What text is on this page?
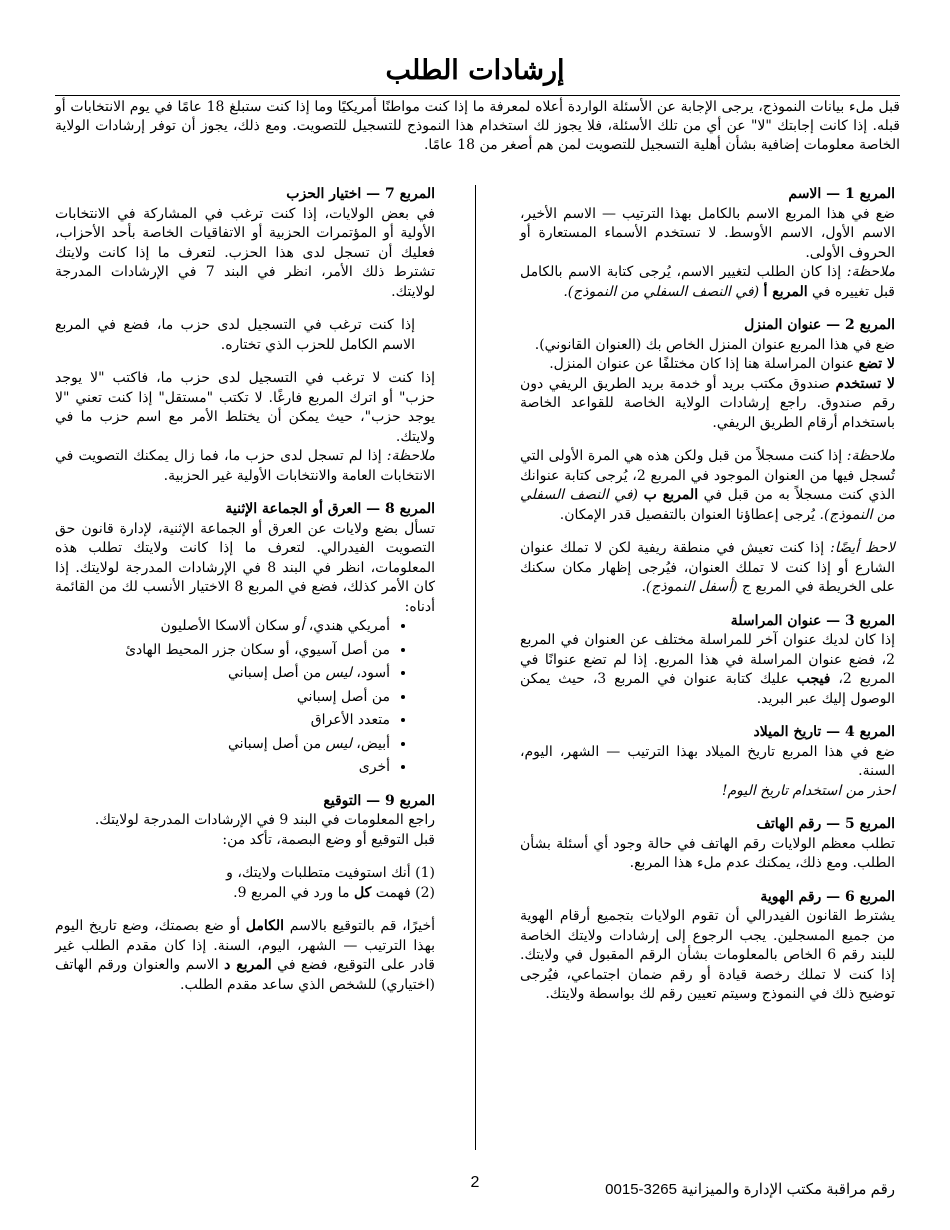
إرشادات الطلب
قبل ملء بيانات النموذج، يرجى الإجابة عن الأسئلة الواردة أعلاه لمعرفة ما إذا كنت مواطنًا أمريكيًا وما إذا كنت ستبلغ 18 عامًا في يوم الانتخابات أو قبله. إذا كانت إجابتك "لا" عن أي من تلك الأسئلة، فلا يجوز لك استخدام هذا النموذج للتسجيل للتصويت. ومع ذلك، يجوز أن توفر إرشادات الولاية الخاصة معلومات إضافية بشأن أهلية التسجيل للتصويت لمن هم أصغر من 18 عامًا.
المربع 1 — الاسم

ضع في هذا المربع الاسم بالكامل بهذا الترتيب — الاسم الأخير، الاسم الأول، الاسم الأوسط. لا تستخدم الأسماء المستعارة أو الحروف الأولى.

ملاحظة: إذا كان الطلب لتغيير الاسم، يُرجى كتابة الاسم بالكامل قبل تغييره في المربع أ (في النصف السفلي من النموذج).

المربع 2 — عنوان المنزل

ضع في هذا المربع عنوان المنزل الخاص بك (العنوان القانوني).

لا تضع عنوان المراسلة هنا إذا كان مختلفًا عن عنوان المنزل.

لا تستخدم صندوق مكتب بريد أو خدمة بريد الطريق الريفي دون رقم صندوق. راجع إرشادات الولاية الخاصة للقواعد الخاصة باستخدام أرقام الطريق الريفي.

ملاحظة: إذا كنت مسجلاً من قبل ولكن هذه هي المرة الأولى التي تُسجل فيها من العنوان الموجود في المربع 2، يُرجى كتابة عنوانك الذي كنت مسجلاً به من قبل في المربع ب (في النصف السفلي من النموذج). يُرجى إعطاؤنا العنوان بالتفصيل قدر الإمكان.

لاحظ أيضًا: إذا كنت تعيش في منطقة ريفية لكن لا تملك عنوان الشارع أو إذا كنت لا تملك العنوان، فيُرجى إظهار مكان سكنك على الخريطة في المربع ج (أسفل النموذج).

المربع 3 — عنوان المراسلة

إذا كان لديك عنوان آخر للمراسلة مختلف عن العنوان في المربع 2، فضع عنوان المراسلة في هذا المربع. إذا لم تضع عنوانًا في المربع 2، فيجب عليك كتابة عنوان في المربع 3، حيث يمكن الوصول إليك عبر البريد.

المربع 4 — تاريخ الميلاد

ضع في هذا المربع تاريخ الميلاد بهذا الترتيب — الشهر، اليوم، السنة.

احذر من استخدام تاريخ اليوم!

المربع 5 — رقم الهاتف

تطلب معظم الولايات رقم الهاتف في حالة وجود أي أسئلة بشأن الطلب. ومع ذلك، يمكنك عدم ملء هذا المربع.

المربع 6 — رقم الهوية

يشترط القانون الفيدرالي أن تقوم الولايات بتجميع أرقام الهوية من جميع المسجلين. يجب الرجوع إلى إرشادات ولايتك الخاصة للبند رقم 6 الخاص بالمعلومات بشأن الرقم المقبول في ولايتك. إذا كنت لا تملك رخصة قيادة أو رقم ضمان اجتماعي، فيُرجى توضيح ذلك في النموذج وسيتم تعيين رقم لك بواسطة ولايتك.

المربع 7 — اختيار الحزب

في بعض الولايات، إذا كنت ترغب في المشاركة في الانتخابات الأولية أو المؤتمرات الحزبية أو الاتفاقيات الخاصة بأحد الأحزاب، فعليك أن تسجل لدى هذا الحزب. لتعرف ما إذا كانت ولايتك تشترط ذلك الأمر، انظر في البند 7 في الإرشادات المدرجة لولايتك.

إذا كنت ترغب في التسجيل لدى حزب ما، فضع في المربع الاسم الكامل للحزب الذي تختاره.

إذا كنت لا ترغب في التسجيل لدى حزب ما، فاكتب "لا يوجد حزب" أو اترك المربع فارغًا. لا تكتب "مستقل" إذا كنت تعني "لا يوجد حزب"، حيث يمكن أن يختلط الأمر مع اسم حزب ما في ولايتك.

ملاحظة: إذا لم تسجل لدى حزب ما، فما زال يمكنك التصويت في الانتخابات العامة والانتخابات الأولية غير الحزبية.

المربع 8 — العرق أو الجماعة الإثنية

تسأل بضع ولايات عن العرق أو الجماعة الإثنية، لإدارة قانون حق التصويت الفيدرالي. لتعرف ما إذا كانت ولايتك تطلب هذه المعلومات، انظر في البند 8 في الإرشادات المدرجة لولايتك. إذا كان الأمر كذلك، فضع في المربع 8 الاختيار الأنسب لك من القائمة أدناه:

• أمريكي هندي، أو سكان ألاسكا الأصليون
• من أصل آسيوي، أو سكان جزر المحيط الهادئ
• أسود، ليس من أصل إسباني
• من أصل إسباني
• متعدد الأعراق
• أبيض، ليس من أصل إسباني
• أخرى
المربع 9 — التوقيع

راجع المعلومات في البند 9 في الإرشادات المدرجة لولايتك.

قبل التوقيع أو وضع البصمة، تأكد من:

(1) أنك استوفيت متطلبات ولايتك، و

(2) فهمت كل ما ورد في المربع 9.

أخيرًا، قم بالتوقيع بالاسم الكامل أو ضع بصمتك، وضع تاريخ اليوم بهذا الترتيب — الشهر، اليوم، السنة. إذا كان مقدم الطلب غير قادر على التوقيع، فضع في المربع د الاسم والعنوان ورقم الهاتف (اختياري) للشخص الذي ساعد مقدم الطلب.

2	رقم مراقبة مكتب الإدارة والميزانية 3265-0015
